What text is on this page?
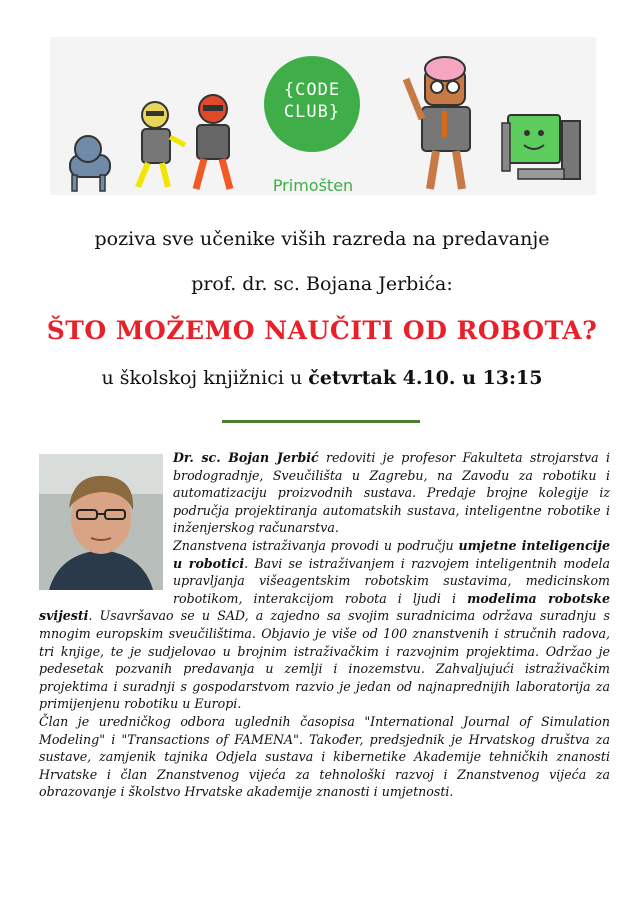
{CODE
CLUB}
Primošten
poziva sve učenike viših razreda na predavanje
prof. dr. sc. Bojana Jerbića:
ŠTO MOŽEMO NAUČITI OD ROBOTA?
u školskoj knjižnici u četvrtak 4.10. u 13:15
Dr. sc. Bojan Jerbić redoviti je profesor Fakulteta strojarstva i brodogradnje, Sveučilišta u Zagrebu, na Zavodu za robotiku i automatizaciju proizvodnih sustava. Predaje brojne kolegije iz područja projektiranja automatskih sustava, inteligentne robotike i inženjerskog računarstva.
Znanstvena istraživanja provodi u području umjetne inteligencije u robotici. Bavi se istraživanjem i razvojem inteligentnih modela upravljanja višeagentskim robotskim sustavima, medicinskom robotikom, interakcijom robota i ljudi i modelima robotske svijesti. Usavršavao se u SAD, a zajedno sa svojim suradnicima održava suradnju s mnogim europskim sveučilištima. Objavio je više od 100 znanstvenih i stručnih radova, tri knjige, te je sudjelovao u brojnim istraživačkim i razvojnim projektima. Održao je pedesetak pozvanih predavanja u zemlji i inozemstvu. Zahvaljujući istraživačkim projektima i suradnji s gospodarstvom razvio je jedan od najnaprednijih laboratorija za primijenjenu robotiku u Europi.
Član je uredničkog odbora uglednih časopisa "International Journal of Simulation Modeling" i "Transactions of FAMENA". Također, predsjednik je Hrvatskog društva za sustave, zamjenik tajnika Odjela sustava i kibernetike Akademije tehničkih znanosti Hrvatske i član Znanstvenog vijeća za tehnološki razvoj i Znanstvenog vijeća za obrazovanje i školstvo Hrvatske akademije znanosti i umjetnosti.
